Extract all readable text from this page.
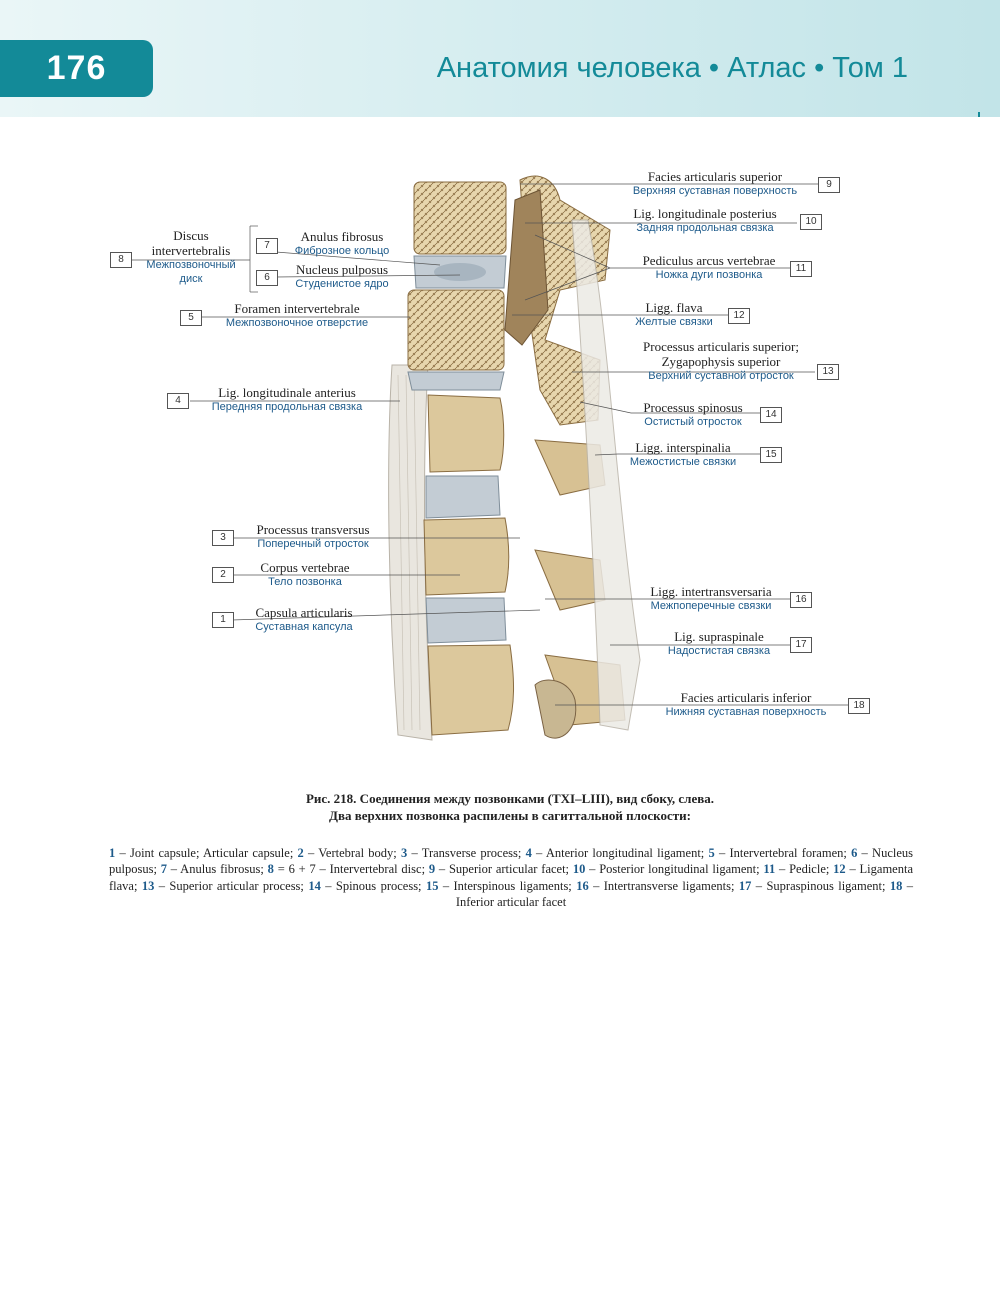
176	Анатомия человека • Атлас • Том 1
Discus
intervertebralis
Межпозвоночный
диск
8
Anulus fibrosus
Фиброзное кольцо
7
Nucleus pulposus
Студенистое ядро
6
Foramen intervertebrale
Межпозвоночное отверстие
5
Lig. longitudinale anterius
Передняя продольная связка
4
Processus transversus
Поперечный отросток
3
Corpus vertebrae
Тело позвонка
2
Capsula articularis
Суставная капсула
1
Facies articularis superior
Верхняя суставная поверхность
9
Lig. longitudinale posterius
Задняя продольная связка
10
Pediculus arcus vertebrae
Ножка дуги позвонка
11
Ligg. flava
Желтые связки
12
Processus articularis superior;
Zygapophysis superior
Верхний суставной отросток	13
Processus spinosus
Остистый отросток
14
Ligg. interspinalia
Межостистые связки
15
Ligg. intertransversaria
Межпоперечные связки
16
Lig. supraspinale
Надостистая связка
17
Facies articularis inferior
Нижняя суставная поверхность
18
Рис. 218. Соединения между позвонками (TXI–LIII), вид сбоку, слева.
Два верхних позвонка распилены в сагиттальной плоскости:
1 – Joint capsule; Articular capsule; 2 – Vertebral body; 3 – Transverse process; 4 – Anterior longitudinal ligament; 5 – Intervertebral foramen; 6 – Nucleus pulposus; 7 – Anulus fibrosus; 8 = 6 + 7 – Intervertebral disc; 9 – Superior articular facet; 10 – Posterior longitudinal ligament; 11 – Pedicle; 12 – Ligamenta flava; 13 – Superior articular process; 14 – Spinous process; 15 – Interspinous ligaments; 16 – Intertransverse ligaments; 17 – Supraspinous ligament; 18 – Inferior articular facet
